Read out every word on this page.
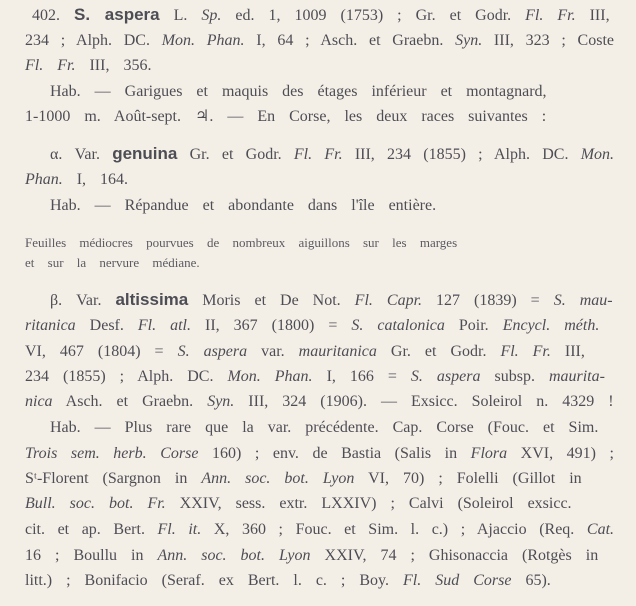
402. S. aspera L. Sp. ed. 1, 1009 (1753) ; Gr. et Godr. Fl. Fr. III,
234 ; Alph. DC. Mon. Phan. I, 64 ; Asch. et Graebn. Syn. III, 323 ; Coste
Fl. Fr. III, 356.
Hab. — Garigues et maquis des étages inférieur et montagnard,
1-1000 m. Août-sept. ♃. — En Corse, les deux races suivantes :
α. Var. genuina Gr. et Godr. Fl. Fr. III, 234 (1855) ; Alph. DC. Mon.
Phan. I, 164.
Hab. — Répandue et abondante dans l'île entière.
Feuilles médiocres pourvues de nombreux aiguillons sur les marges
et sur la nervure médiane.
β. Var. altissima Moris et De Not. Fl. Capr. 127 (1839) = S. mau-
ritanica Desf. Fl. atl. II, 367 (1800) = S. catalonica Poir. Encycl. méth.
VI, 467 (1804) = S. aspera var. mauritanica Gr. et Godr. Fl. Fr. III,
234 (1855) ; Alph. DC. Mon. Phan. I, 166 = S. aspera subsp. maurita-
nica Asch. et Graebn. Syn. III, 324 (1906). — Exsicc. Soleirol n. 4329 !
Hab. — Plus rare que la var. précédente. Cap. Corse (Fouc. et Sim.
Trois sem. herb. Corse 160) ; env. de Bastia (Salis in Flora XVI, 491) ;
Sᵗ-Florent (Sargnon in Ann. soc. bot. Lyon VI, 70) ; Folelli (Gillot in
Bull. soc. bot. Fr. XXIV, sess. extr. LXXIV) ; Calvi (Soleirol exsicc.
cit. et ap. Bert. Fl. it. X, 360 ; Fouc. et Sim. l. c.) ; Ajaccio (Req. Cat.
16 ; Boullu in Ann. soc. bot. Lyon XXIV, 74 ; Ghisonaccia (Rotgès in
litt.) ; Bonifacio (Seraf. ex Bert. l. c. ; Boy. Fl. Sud Corse 65).
